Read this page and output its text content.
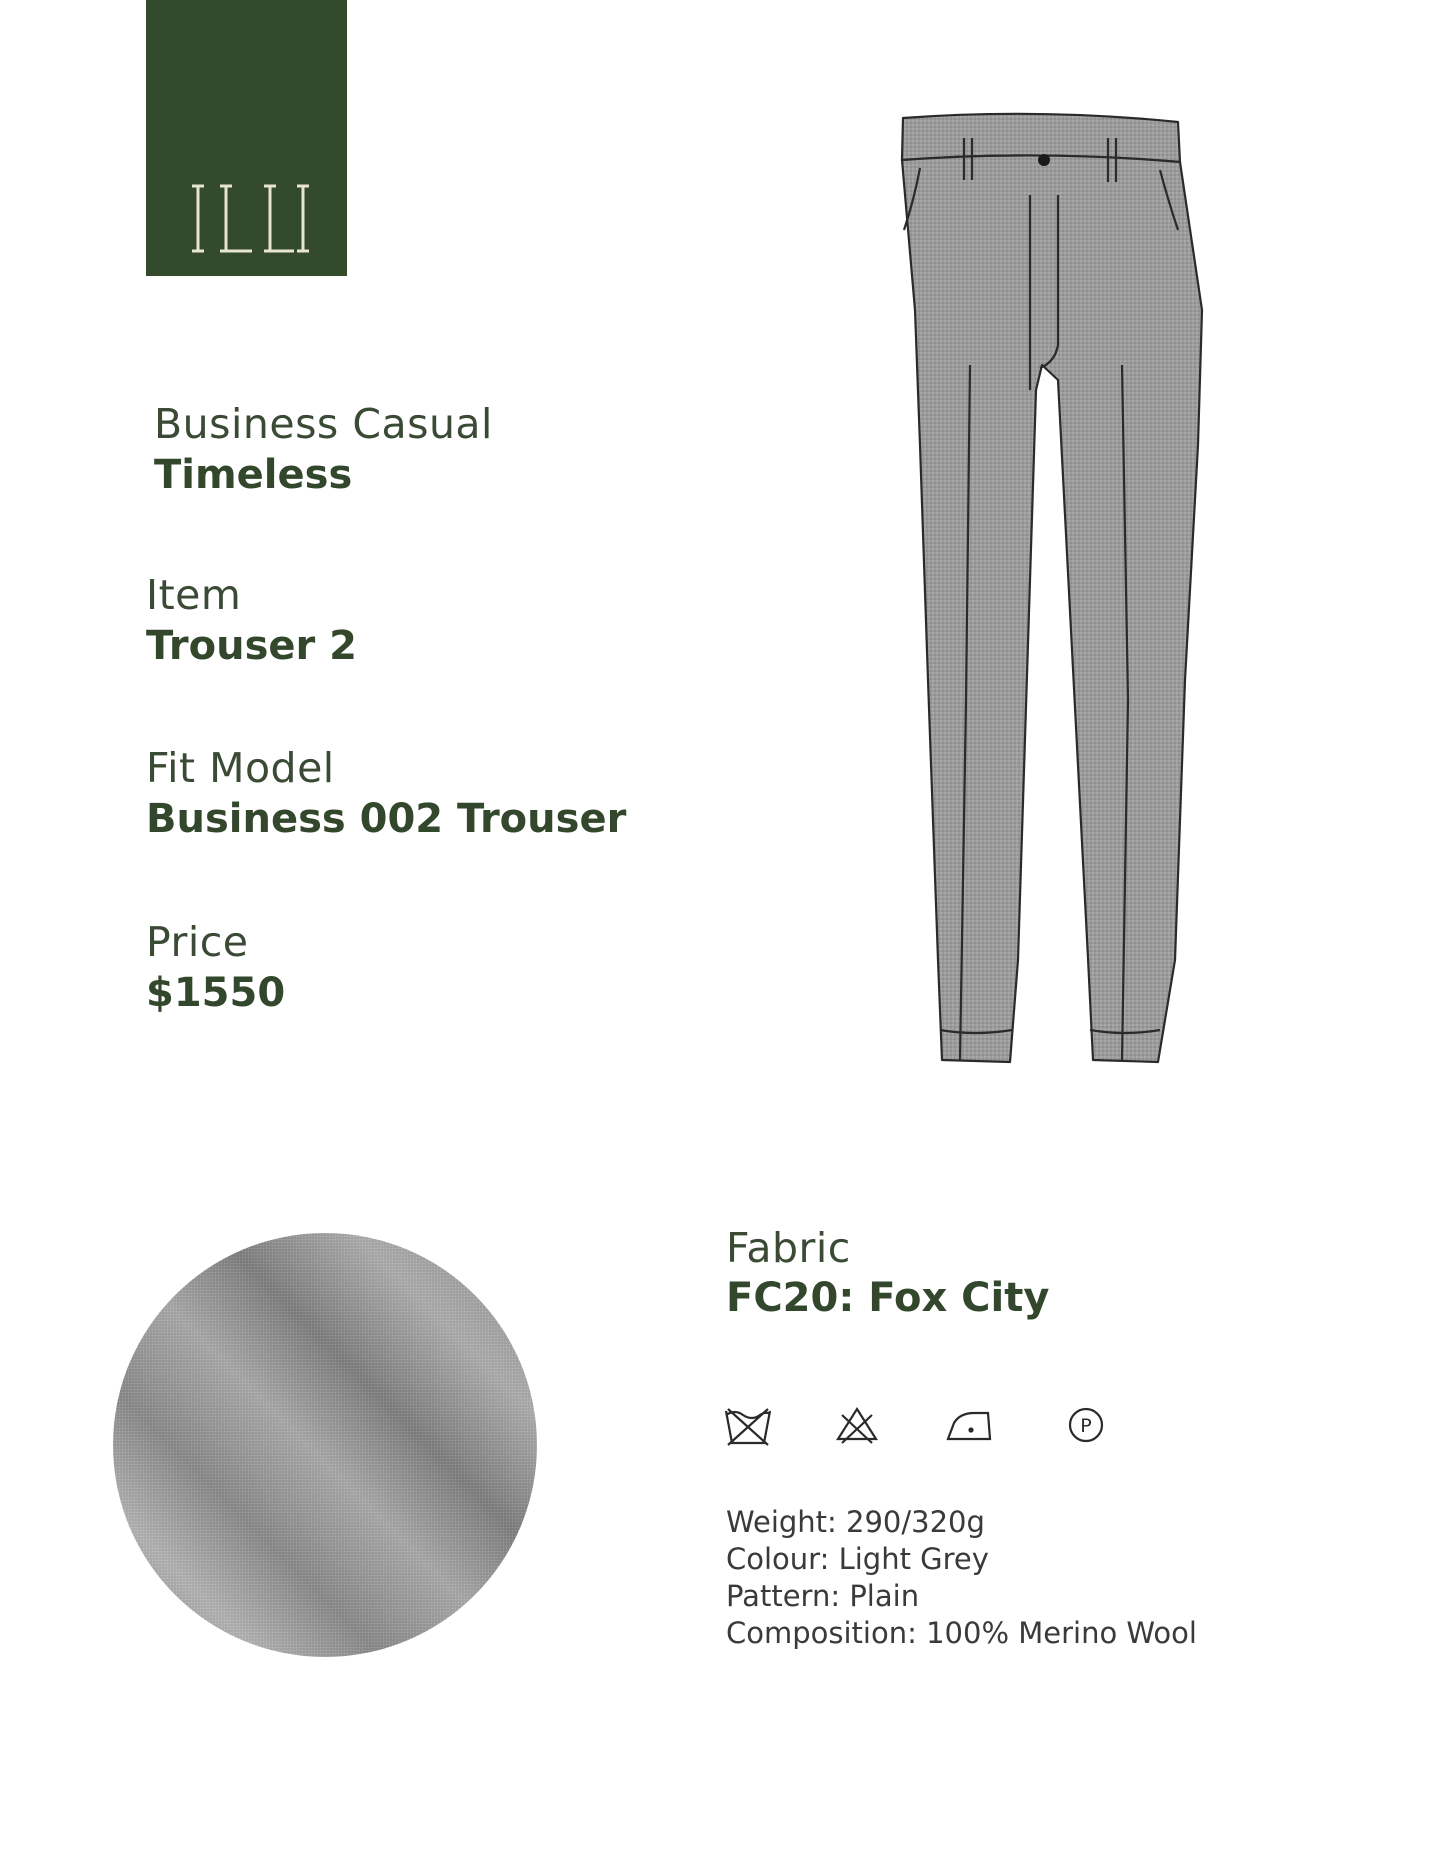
Business Casual
Timeless
Item
Trouser 2
Fit Model
Business 002 Trouser
Price
$1550
Fabric
FC20: Fox City
P
Weight: 290/320g
Colour: Light Grey
Pattern: Plain
Composition: 100% Merino Wool
